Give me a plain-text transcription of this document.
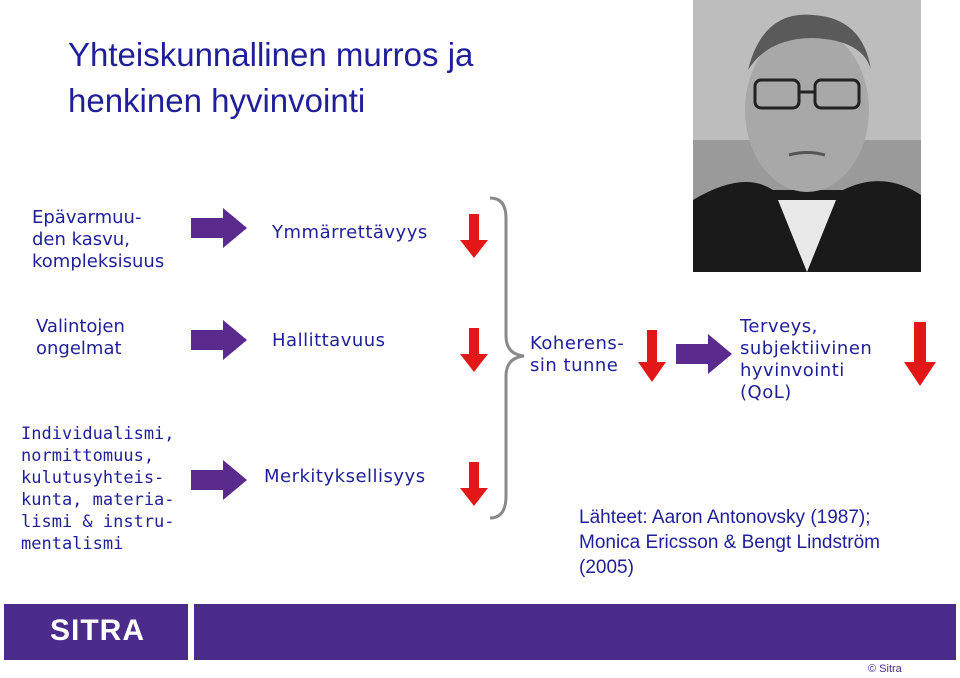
Yhteiskunnallinen murros ja
henkinen hyvinvointi
Epävarmuu-
den kasvu,
kompleksisuus
Valintojen
ongelmat
Individualismi,
normittomuus,
kulutusyhteis-
kunta, materia-
lismi & instru-
mentalismi
Ymmärrettävyys
Hallittavuus
Merkityksellisyys
Koherens-
sin tunne
Terveys,
subjektiivinen
hyvinvointi
(QoL)
Lähteet: Aaron Antonovsky (1987);
Monica Ericsson & Bengt Lindström
(2005)
SITRA
© Sitra
